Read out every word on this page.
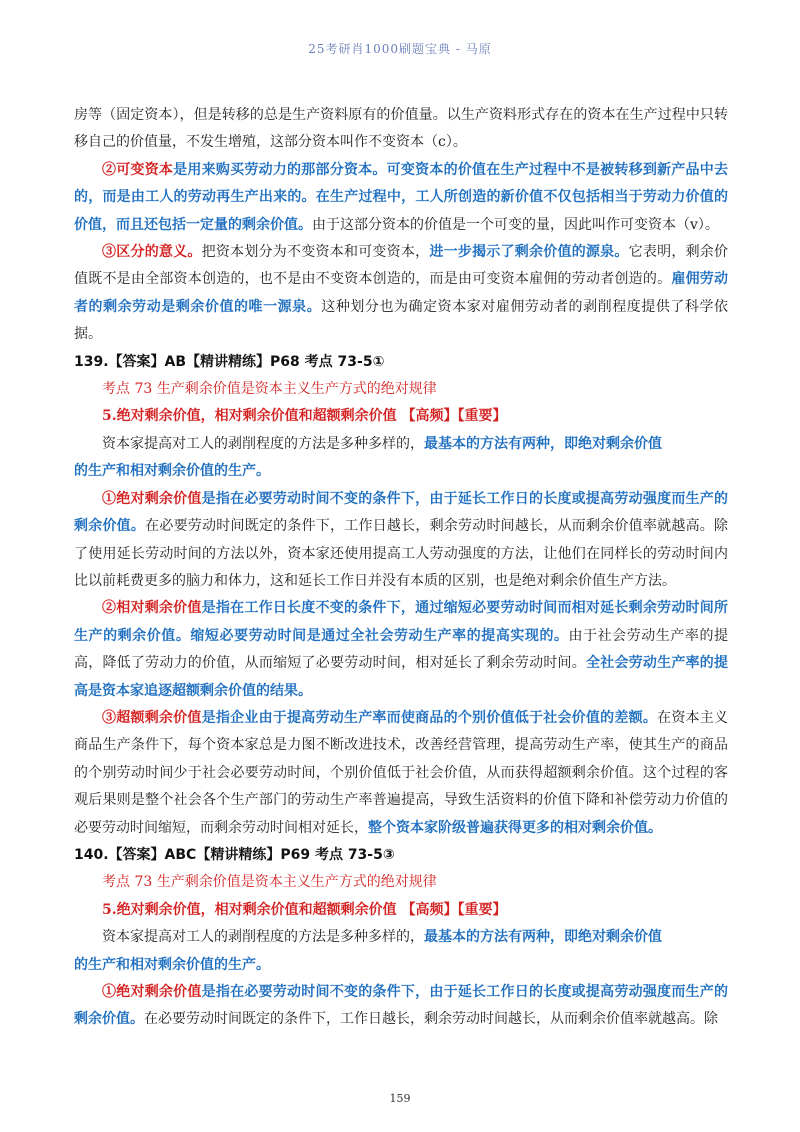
25考研肖1000刷题宝典 - 马原

房等（固定资本），但是转移的总是生产资料原有的价值量。以生产资料形式存在的资本在生产过程中只转移自己的价值量，不发生增殖，这部分资本叫作不变资本（c）。

②可变资本是用来购买劳动力的那部分资本。可变资本的价值在生产过程中不是被转移到新产品中去的，而是由工人的劳动再生产出来的。在生产过程中，工人所创造的新价值不仅包括相当于劳动力价值的价值，而且还包括一定量的剩余价值。由于这部分资本的价值是一个可变的量，因此叫作可变资本（v）。

③区分的意义。把资本划分为不变资本和可变资本，进一步揭示了剩余价值的源泉。它表明，剩余价值既不是由全部资本创造的，也不是由不变资本创造的，而是由可变资本雇佣的劳动者创造的。雇佣劳动者的剩余劳动是剩余价值的唯一源泉。这种划分也为确定资本家对雇佣劳动者的剥削程度提供了科学依据。

139.【答案】AB【精讲精练】P68 考点 73-5①

考点 73 生产剩余价值是资本主义生产方式的绝对规律

5.绝对剩余价值，相对剩余价值和超额剩余价值 【高频】【重要】

资本家提高对工人的剥削程度的方法是多种多样的，最基本的方法有两种，即绝对剩余价值
的生产和相对剩余价值的生产。

①绝对剩余价值是指在必要劳动时间不变的条件下，由于延长工作日的长度或提高劳动强度而生产的剩余价值。在必要劳动时间既定的条件下，工作日越长，剩余劳动时间越长，从而剩余价值率就越高。除了使用延长劳动时间的方法以外，资本家还使用提高工人劳动强度的方法，让他们在同样长的劳动时间内比以前耗费更多的脑力和体力，这和延长工作日并没有本质的区别，也是绝对剩余价值生产方法。

②相对剩余价值是指在工作日长度不变的条件下，通过缩短必要劳动时间而相对延长剩余劳动时间所生产的剩余价值。缩短必要劳动时间是通过全社会劳动生产率的提高实现的。由于社会劳动生产率的提高，降低了劳动力的价值，从而缩短了必要劳动时间，相对延长了剩余劳动时间。全社会劳动生产率的提高是资本家追逐超额剩余价值的结果。

③超额剩余价值是指企业由于提高劳动生产率而使商品的个别价值低于社会价值的差额。在资本主义商品生产条件下，每个资本家总是力图不断改进技术，改善经营管理，提高劳动生产率，使其生产的商品的个别劳动时间少于社会必要劳动时间，个别价值低于社会价值，从而获得超额剩余价值。这个过程的客观后果则是整个社会各个生产部门的劳动生产率普遍提高，导致生活资料的价值下降和补偿劳动力价值的必要劳动时间缩短，而剩余劳动时间相对延长，整个资本家阶级普遍获得更多的相对剩余价值。

140.【答案】ABC【精讲精练】P69 考点 73-5③

考点 73 生产剩余价值是资本主义生产方式的绝对规律

5.绝对剩余价值，相对剩余价值和超额剩余价值 【高频】【重要】

资本家提高对工人的剥削程度的方法是多种多样的，最基本的方法有两种，即绝对剩余价值
的生产和相对剩余价值的生产。

①绝对剩余价值是指在必要劳动时间不变的条件下，由于延长工作日的长度或提高劳动强度而生产的剩余价值。在必要劳动时间既定的条件下，工作日越长，剩余劳动时间越长，从而剩余价值率就越高。除

159
